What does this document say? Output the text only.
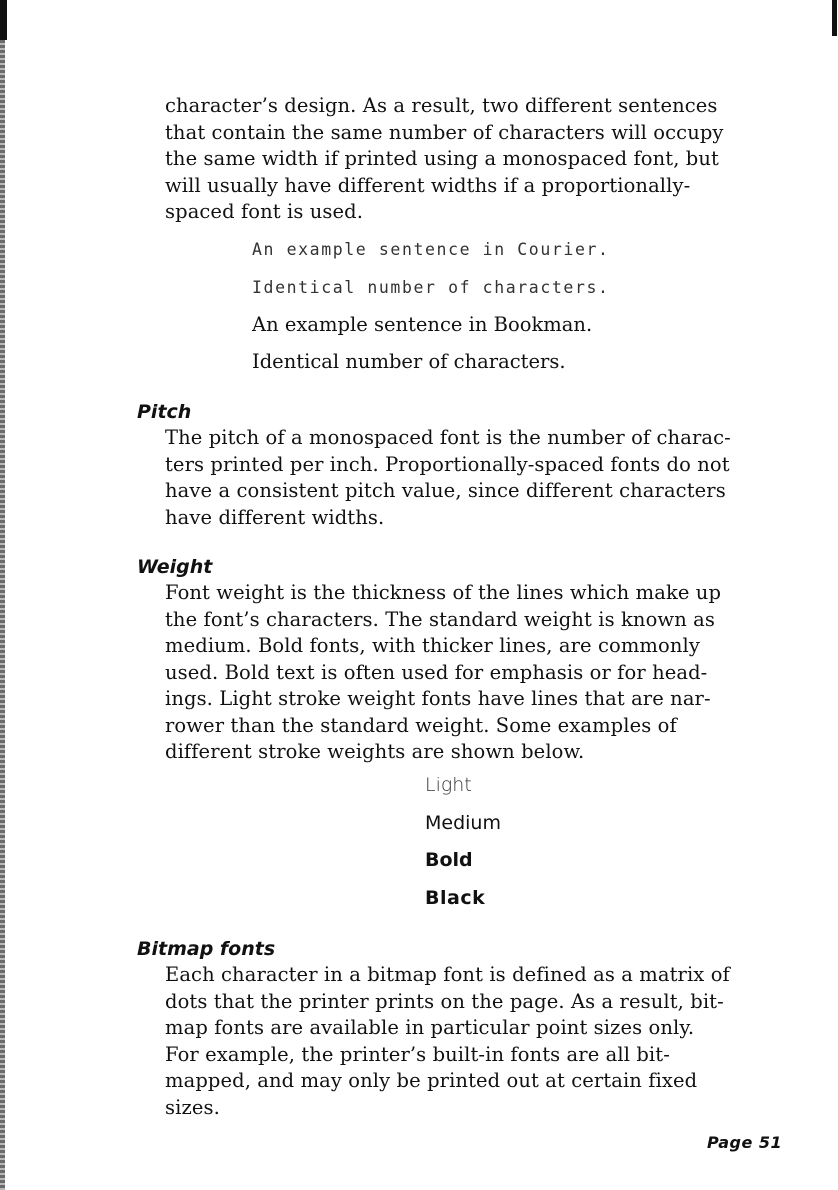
character’s design. As a result, two different sentences
that contain the same number of characters will occupy
the same width if printed using a monospaced font, but
will usually have different widths if a proportionally-
spaced font is used.
An example sentence in Courier.
Identical number of characters.
An example sentence in Bookman.
Identical number of characters.
Pitch
The pitch of a monospaced font is the number of charac-
ters printed per inch. Proportionally-spaced fonts do not
have a consistent pitch value, since different characters
have different widths.
Weight
Font weight is the thickness of the lines which make up
the font’s characters. The standard weight is known as
medium. Bold fonts, with thicker lines, are commonly
used. Bold text is often used for emphasis or for head-
ings. Light stroke weight fonts have lines that are nar-
rower than the standard weight. Some examples of
different stroke weights are shown below.
Light
Medium
Bold
Black
Bitmap fonts
Each character in a bitmap font is defined as a matrix of
dots that the printer prints on the page. As a result, bit-
map fonts are available in particular point sizes only.
For example, the printer’s built-in fonts are all bit-
mapped, and may only be printed out at certain fixed
sizes.
Page 51
